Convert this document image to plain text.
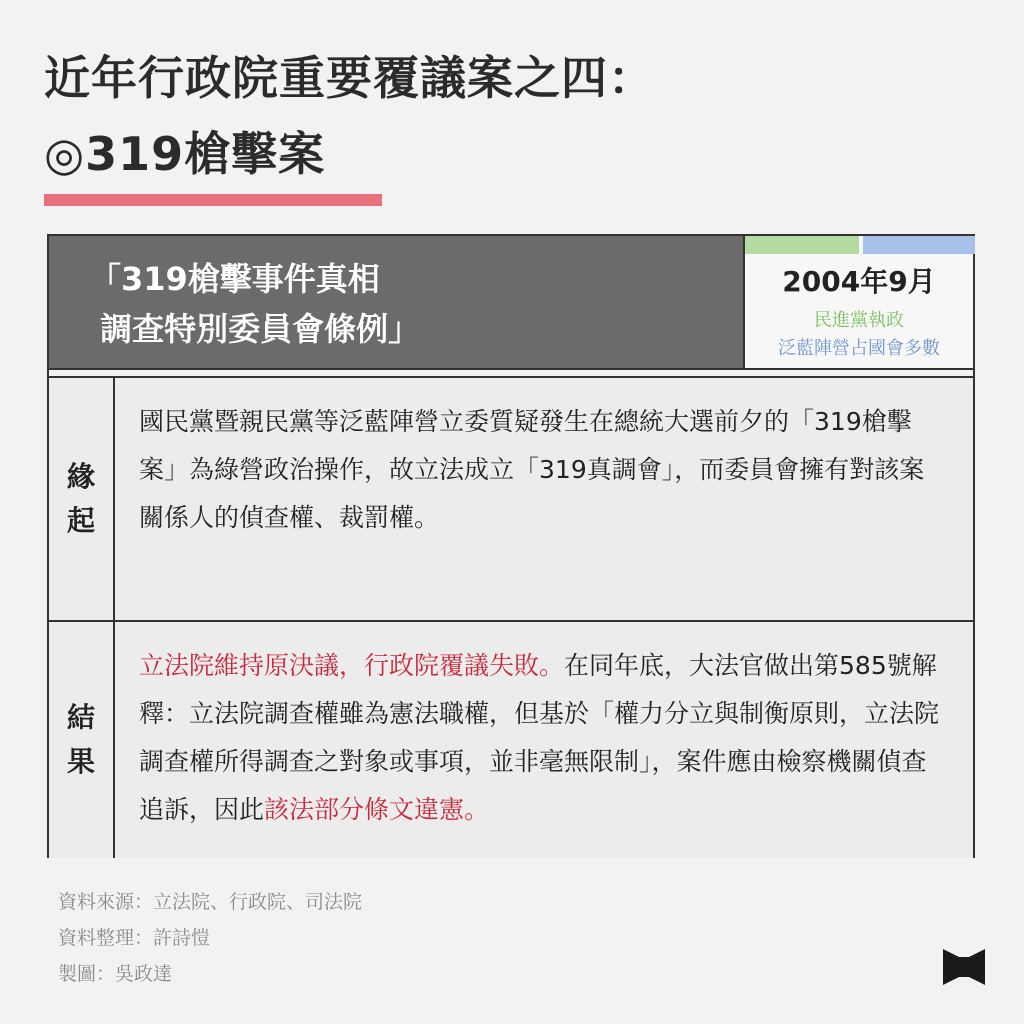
近年行政院重要覆議案之四：
◎319槍擊案
「319槍擊事件真相
調查特別委員會條例」
2004年9月
民進黨執政
泛藍陣營占國會多數
緣起
國民黨暨親民黨等泛藍陣營立委質疑發生在總統大選前夕的「319槍擊案」為綠營政治操作，故立法成立「319真調會」，而委員會擁有對該案關係人的偵查權、裁罰權。
結果
立法院維持原決議，行政院覆議失敗。在同年底，大法官做出第585號解釋：立法院調查權雖為憲法職權，但基於「權力分立與制衡原則，立法院調查權所得調查之對象或事項，並非毫無限制」，案件應由檢察機關偵查追訴，因此該法部分條文違憲。
資料來源：立法院、行政院、司法院
資料整理：許詩愷
製圖：吳政達
